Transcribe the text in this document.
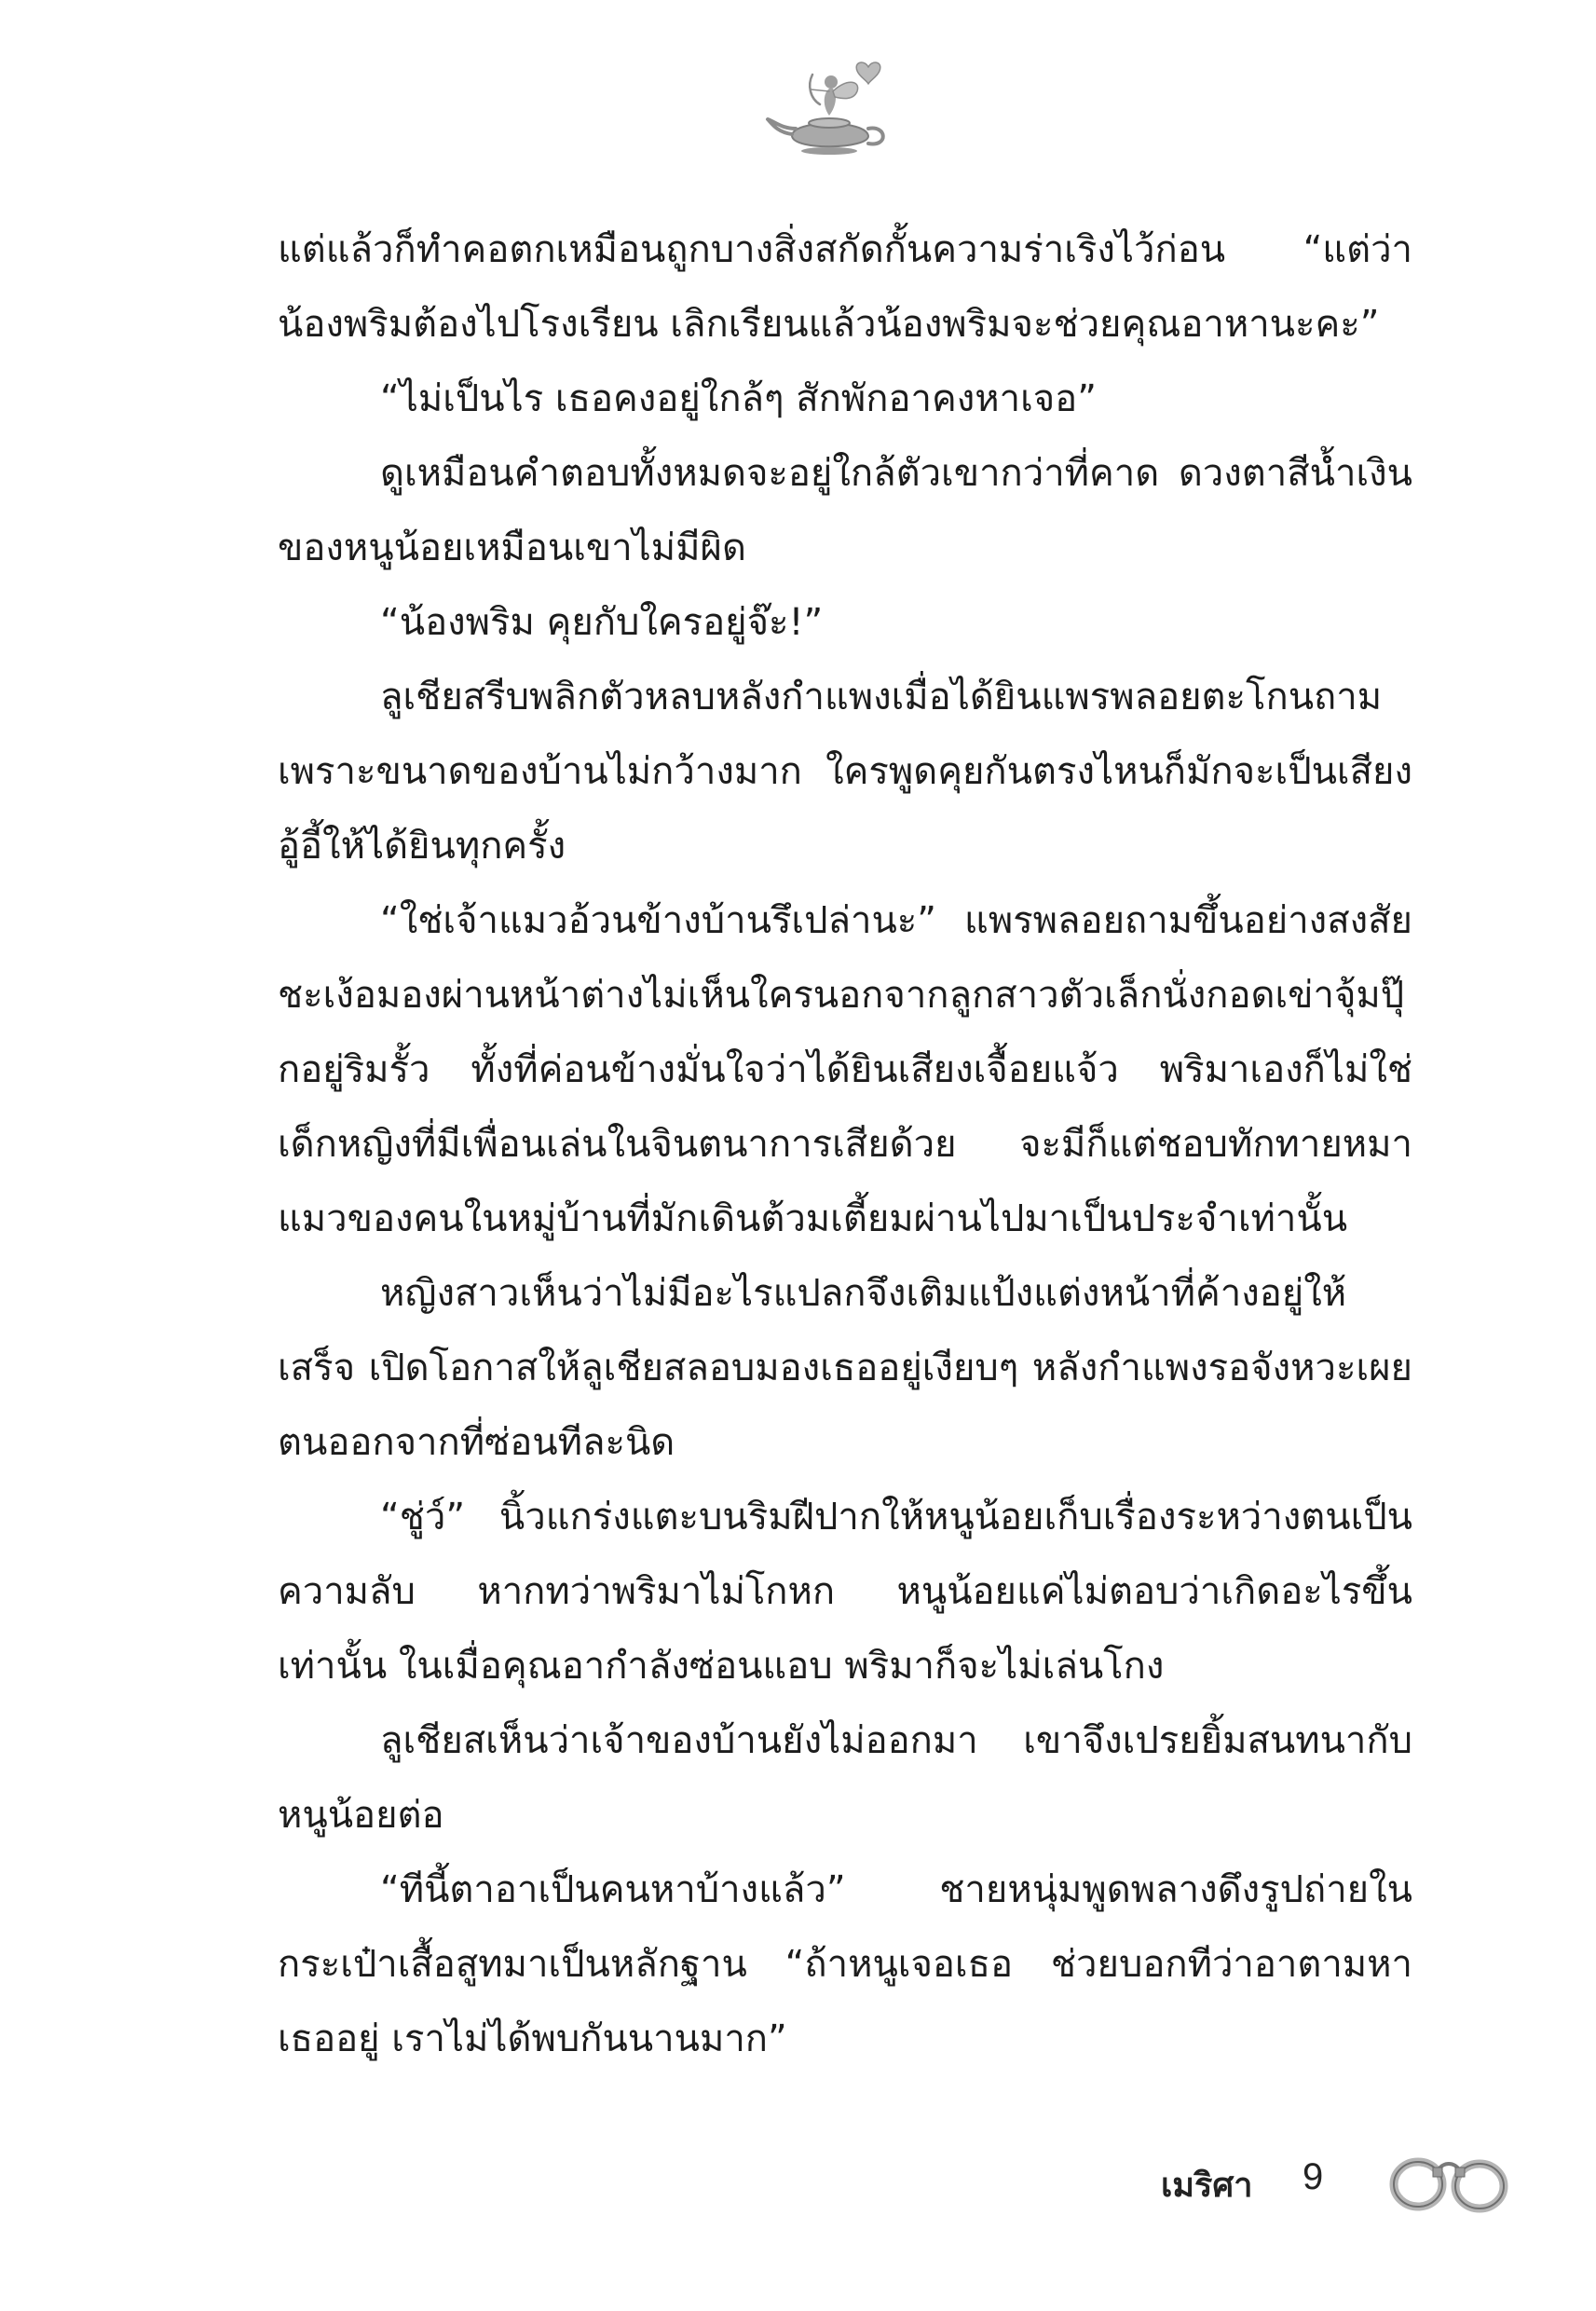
แต่แล้วก็ทำคอตกเหมือนถูกบางสิ่งสกัดกั้นความร่าเริงไว้ก่อน “แต่ว่าน้องพริมต้องไปโรงเรียน เลิกเรียนแล้วน้องพริมจะช่วยคุณอาหานะคะ”

“ไม่เป็นไร เธอคงอยู่ใกล้ๆ สักพักอาคงหาเจอ”

ดูเหมือนคำตอบทั้งหมดจะอยู่ใกล้ตัวเขากว่าที่คาด ดวงตาสีน้ำเงินของหนูน้อยเหมือนเขาไม่มีผิด

“น้องพริม คุยกับใครอยู่จ๊ะ!”

ลูเชียสรีบพลิกตัวหลบหลังกำแพงเมื่อได้ยินแพรพลอยตะโกนถาม เพราะขนาดของบ้านไม่กว้างมาก ใครพูดคุยกันตรงไหนก็มักจะเป็นเสียงอู้อี้ให้ได้ยินทุกครั้ง

“ใช่เจ้าแมวอ้วนข้างบ้านรึเปล่านะ” แพรพลอยถามขึ้นอย่างสงสัย ชะเง้อมองผ่านหน้าต่างไม่เห็นใครนอกจากลูกสาวตัวเล็กนั่งกอดเข่าจุ้มปุ๊กอยู่ริมรั้ว ทั้งที่ค่อนข้างมั่นใจว่าได้ยินเสียงเจื้อยแจ้ว พริมาเองก็ไม่ใช่เด็กหญิงที่มีเพื่อนเล่นในจินตนาการเสียด้วย จะมีก็แต่ชอบทักทายหมาแมวของคนในหมู่บ้านที่มักเดินต้วมเตี้ยมผ่านไปมาเป็นประจำเท่านั้น

หญิงสาวเห็นว่าไม่มีอะไรแปลกจึงเติมแป้งแต่งหน้าที่ค้างอยู่ให้เสร็จ เปิดโอกาสให้ลูเชียสลอบมองเธออยู่เงียบๆ หลังกำแพงรอจังหวะเผยตนออกจากที่ซ่อนทีละนิด

“ชู่ว์” นิ้วแกร่งแตะบนริมฝีปากให้หนูน้อยเก็บเรื่องระหว่างตนเป็นความลับ หากทว่าพริมาไม่โกหก หนูน้อยแค่ไม่ตอบว่าเกิดอะไรขึ้นเท่านั้น ในเมื่อคุณอากำลังซ่อนแอบ พริมาก็จะไม่เล่นโกง

ลูเชียสเห็นว่าเจ้าของบ้านยังไม่ออกมา เขาจึงเปรยยิ้มสนทนากับหนูน้อยต่อ

“ทีนี้ตาอาเป็นคนหาบ้างแล้ว” ชายหนุ่มพูดพลางดึงรูปถ่ายในกระเป๋าเสื้อสูทมาเป็นหลักฐาน “ถ้าหนูเจอเธอ ช่วยบอกทีว่าอาตามหาเธออยู่ เราไม่ได้พบกันนานมาก”

เมริศา 9
